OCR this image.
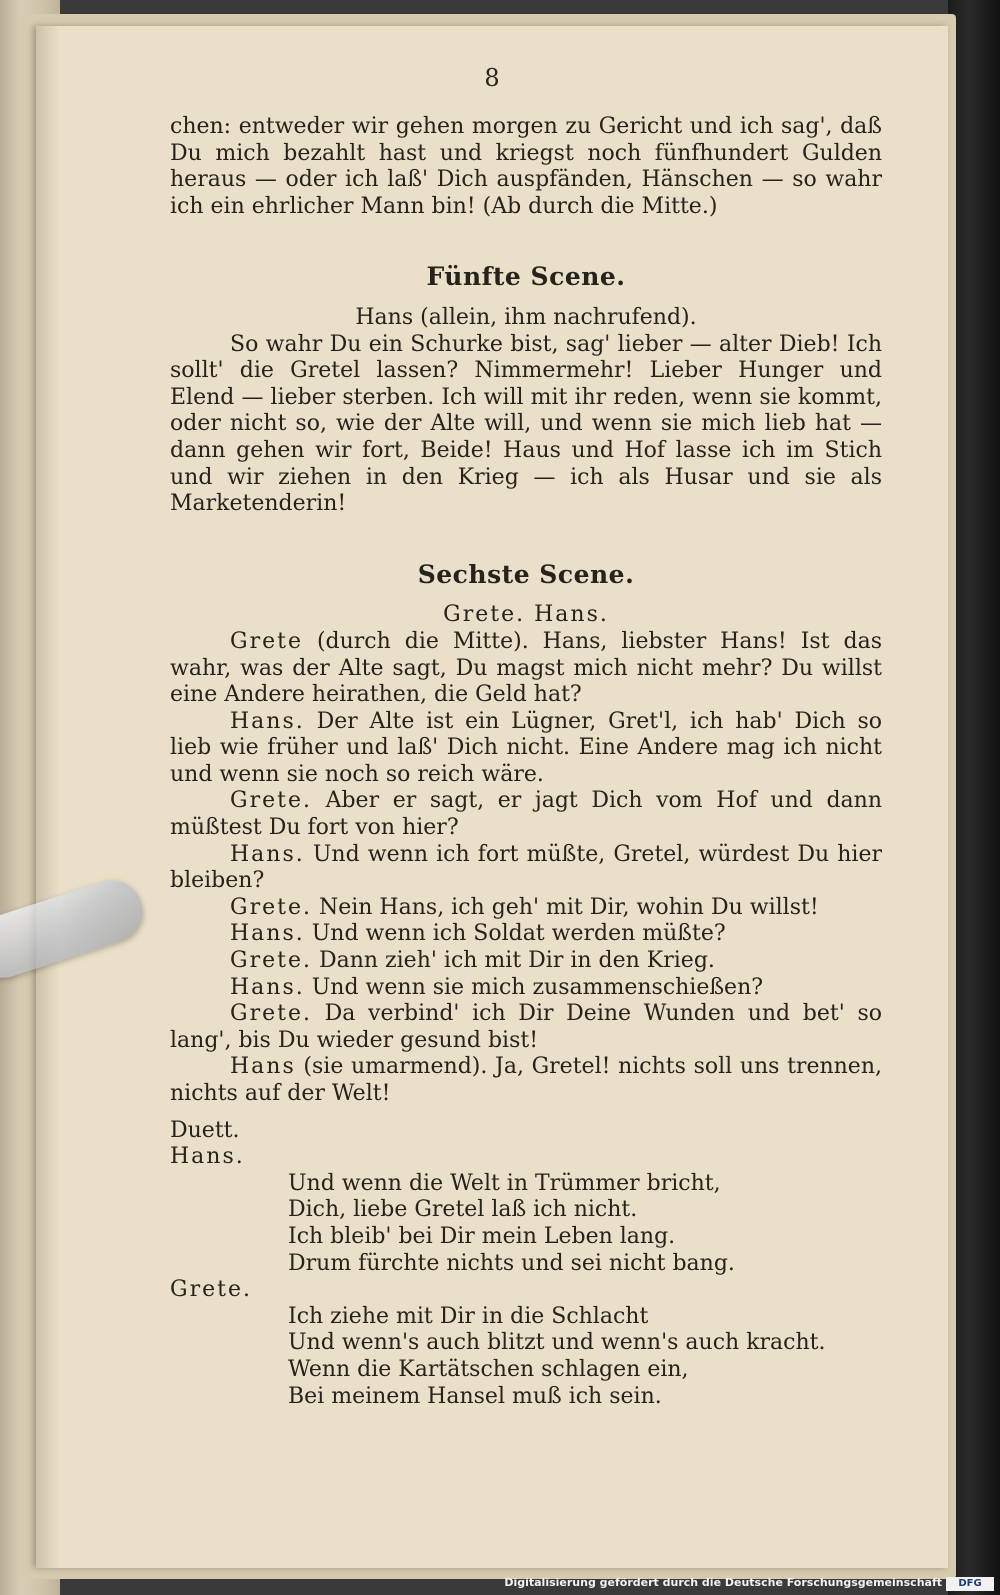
8

chen: entweder wir gehen morgen zu Gericht und ich sag', daß Du mich bezahlt hast und kriegst noch fünfhundert Gulden heraus — oder ich laß' Dich auspfänden, Hänschen — so wahr ich ein ehrlicher Mann bin! (Ab durch die Mitte.)

Fünfte Scene.

Hans (allein, ihm nachrufend).

So wahr Du ein Schurke bist, sag' lieber — alter Dieb! Ich sollt' die Gretel lassen? Nimmermehr! Lieber Hunger und Elend — lieber sterben. Ich will mit ihr reden, wenn sie kommt, oder nicht so, wie der Alte will, und wenn sie mich lieb hat — dann gehen wir fort, Beide! Haus und Hof lasse ich im Stich und wir ziehen in den Krieg — ich als Husar und sie als Marketenderin!

Sechste Scene.

Grete. Hans.

Grete (durch die Mitte). Hans, liebster Hans! Ist das wahr, was der Alte sagt, Du magst mich nicht mehr? Du willst eine Andere heirathen, die Geld hat?

Hans. Der Alte ist ein Lügner, Gret'l, ich hab' Dich so lieb wie früher und laß' Dich nicht. Eine Andere mag ich nicht und wenn sie noch so reich wäre.

Grete. Aber er sagt, er jagt Dich vom Hof und dann müßtest Du fort von hier?

Hans. Und wenn ich fort müßte, Gretel, würdest Du hier bleiben?

Grete. Nein Hans, ich geh' mit Dir, wohin Du willst!

Hans. Und wenn ich Soldat werden müßte?

Grete. Dann zieh' ich mit Dir in den Krieg.

Hans. Und wenn sie mich zusammenschießen?

Grete. Da verbind' ich Dir Deine Wunden und bet' so lang', bis Du wieder gesund bist!

Hans (sie umarmend). Ja, Gretel! nichts soll uns trennen, nichts auf der Welt!

Duett.

Hans.

Und wenn die Welt in Trümmer bricht,

Dich, liebe Gretel laß ich nicht.

Ich bleib' bei Dir mein Leben lang.

Drum fürchte nichts und sei nicht bang.

Grete.

Ich ziehe mit Dir in die Schlacht

Und wenn's auch blitzt und wenn's auch kracht.

Wenn die Kartätschen schlagen ein,

Bei meinem Hansel muß ich sein.

Digitalisierung gefördert durch die Deutsche Forschungsgemeinschaft	DFG
